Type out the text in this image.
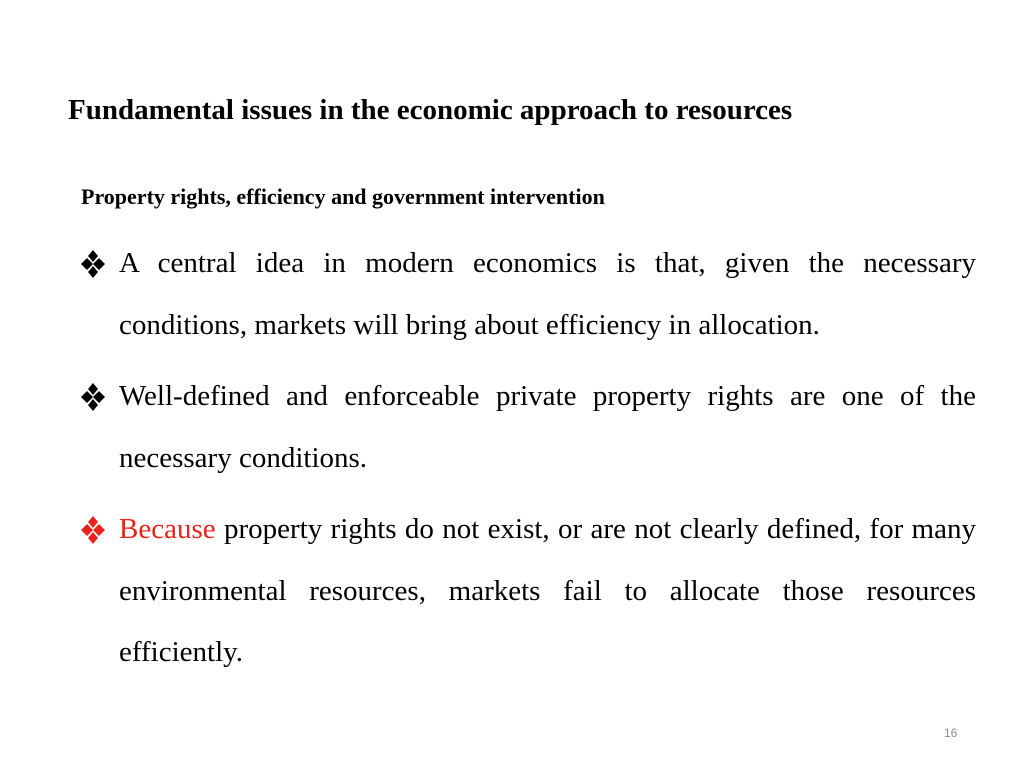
Fundamental issues in the economic approach to resources
Property rights, efficiency and government intervention
A central idea in modern economics is that, given the necessary conditions, markets will bring about efficiency in allocation.
Well-defined and enforceable private property rights are one of the necessary conditions.
Because property rights do not exist, or are not clearly defined, for many environmental resources, markets fail to allocate those resources efficiently.
16
